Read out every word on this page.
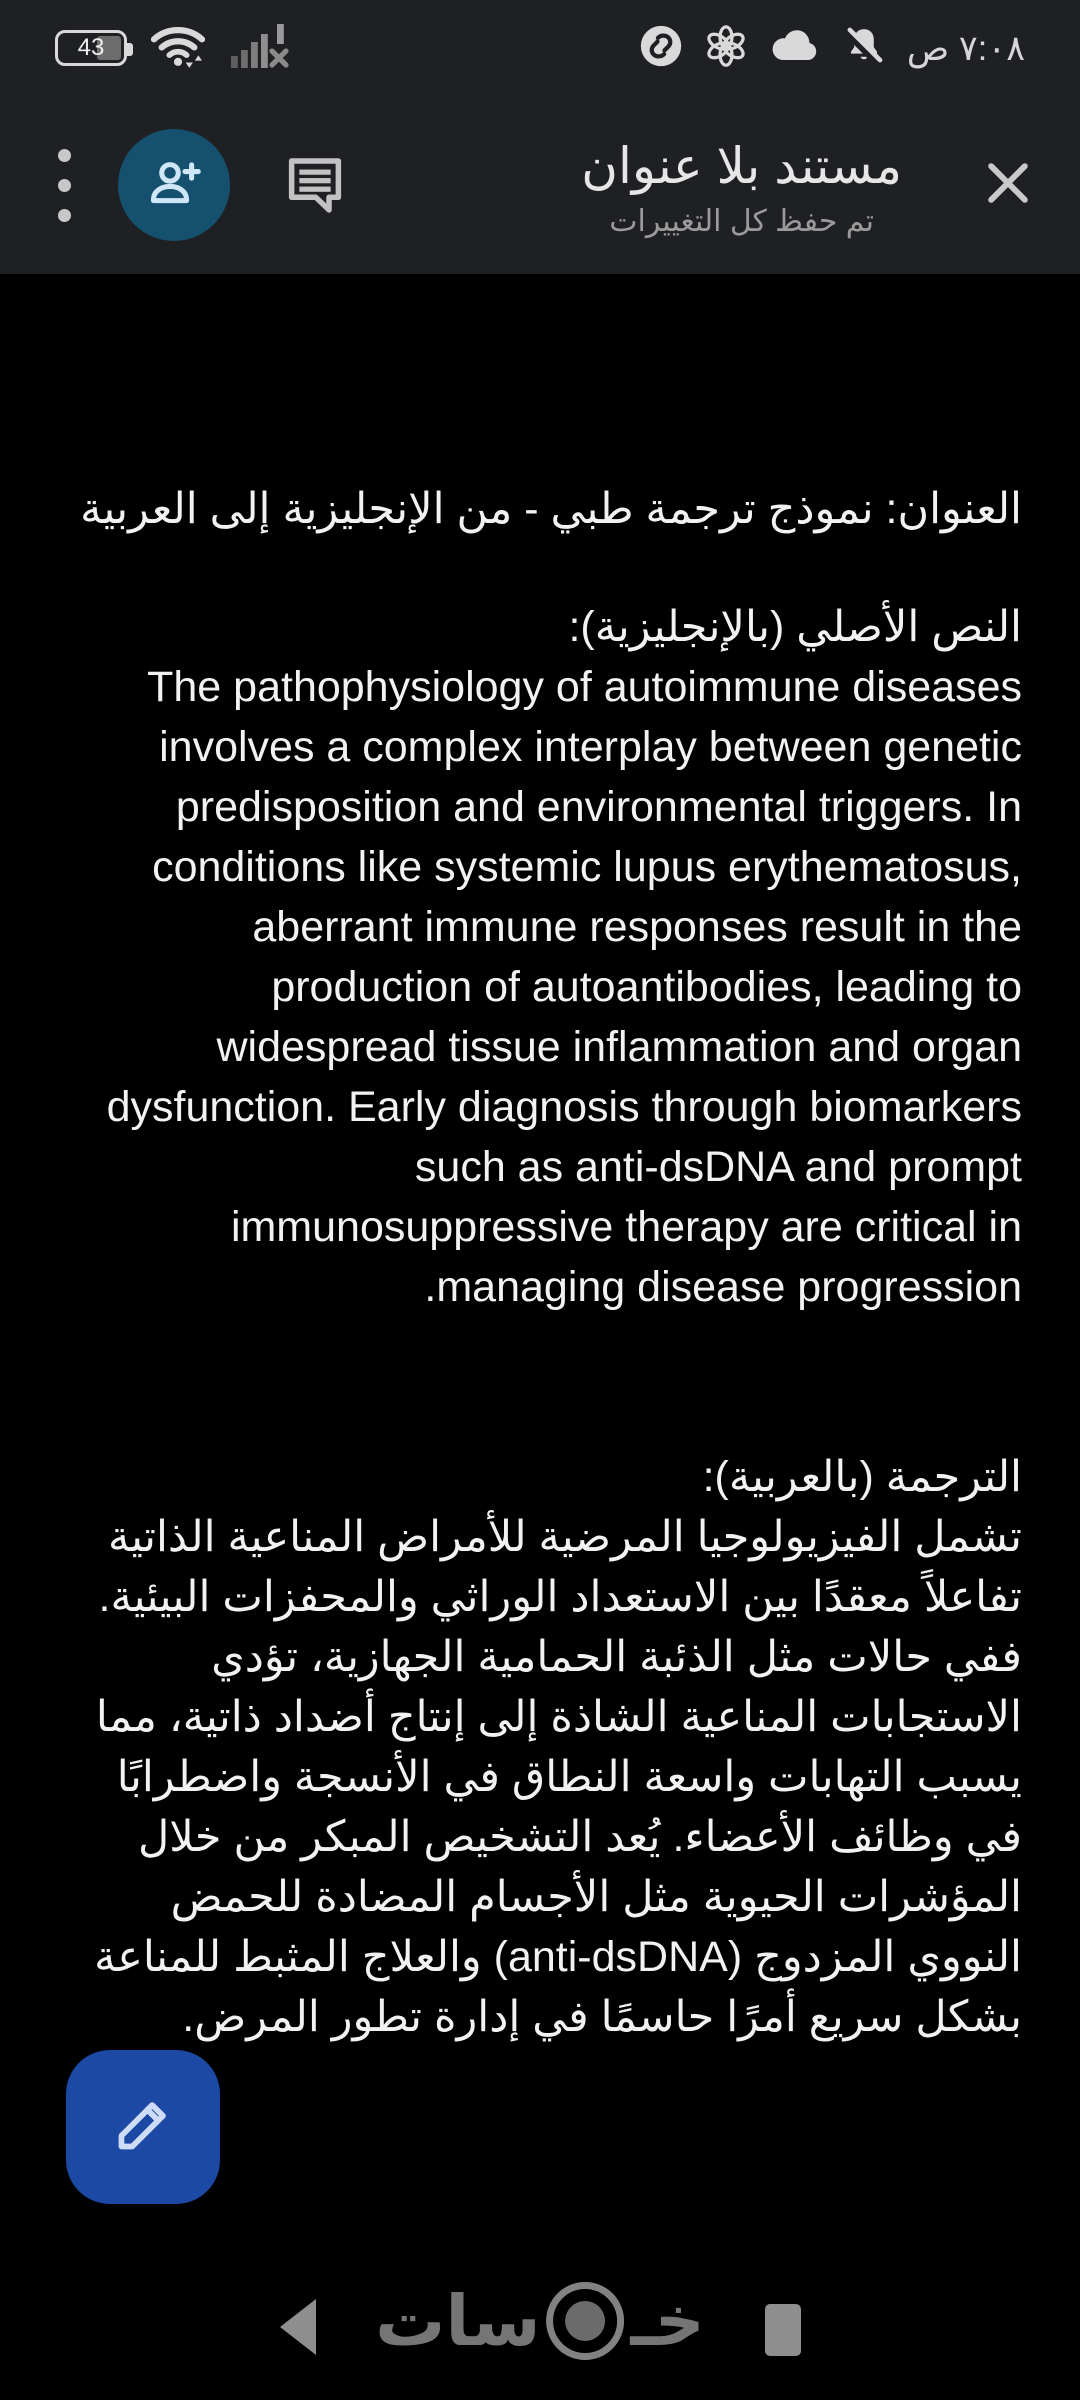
43	٧:٠٨ ص
مستند بلا عنوان
تم حفظ كل التغييرات

العنوان: نموذج ترجمة طبي - من الإنجليزية إلى العربية

النص الأصلي (بالإنجليزية):

The pathophysiology of autoimmune diseases involves a complex interplay between genetic predisposition and environmental triggers. In conditions like systemic lupus erythematosus, aberrant immune responses result in the production of autoantibodies, leading to widespread tissue inflammation and organ dysfunction. Early diagnosis through biomarkers such as anti-dsDNA and prompt immunosuppressive therapy are critical in managing disease progression.

الترجمة (بالعربية):

تشمل الفيزيولوجيا المرضية للأمراض المناعية الذاتية تفاعلاً معقدًا بين الاستعداد الوراثي والمحفزات البيئية. ففي حالات مثل الذئبة الحمامية الجهازية، تؤدي الاستجابات المناعية الشاذة إلى إنتاج أضداد ذاتية، مما يسبب التهابات واسعة النطاق في الأنسجة واضطرابًا في وظائف الأعضاء. يُعد التشخيص المبكر من خلال المؤشرات الحيوية مثل الأجسام المضادة للحمض النووي المزدوج (anti-dsDNA) والعلاج المثبط للمناعة بشكل سريع أمرًا حاسمًا في إدارة تطور المرض.

خـ
سات
